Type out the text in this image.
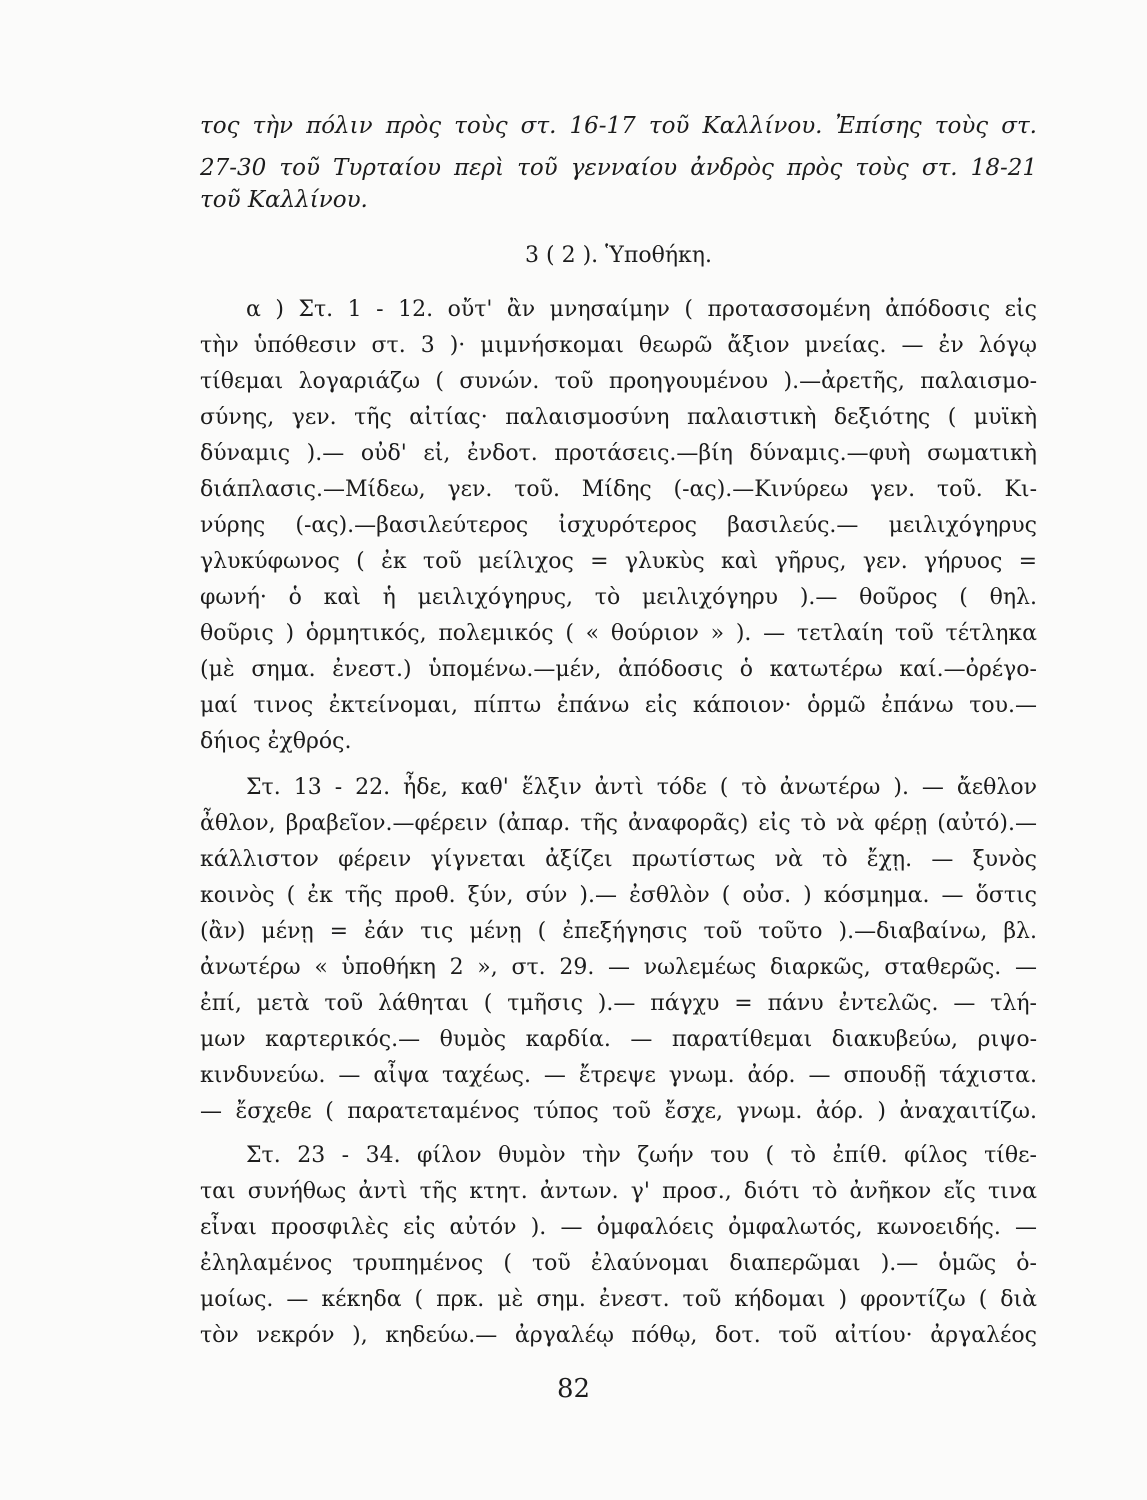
τος τὴν πόλιν πρὸς τοὺς στ. 16-17 τοῦ Καλλίνου. Ἐπίσης τοὺς στ.
27-30 τοῦ Τυρταίου περὶ τοῦ γενναίου ἀνδρὸς πρὸς τοὺς στ. 18-21
τοῦ Καλλίνου.
3 ( 2 ). Ὑποθήκη.
α ) Στ. 1 - 12. οὔτ' ἂν μνησαίμην ( προτασσομένη ἀπόδοσις εἰς
τὴν ὑπόθεσιν στ. 3 )· μιμνήσκομαι θεωρῶ ἄξιον μνείας. — ἐν λόγῳ
τίθεμαι λογαριάζω ( συνών. τοῦ προηγουμένου ).—ἀρετῆς, παλαισμο-
σύνης, γεν. τῆς αἰτίας· παλαισμοσύνη παλαιστικὴ δεξιότης ( μυϊκὴ
δύναμις ).— οὐδ' εἰ, ἐνδοτ. προτάσεις.—βίη δύναμις.—φυὴ σωματικὴ
διάπλασις.—Μίδεω, γεν. τοῦ. Μίδης (-ας).—Κινύρεω γεν. τοῦ. Κι-
νύρης (-ας).—βασιλεύτερος ἰσχυρότερος βασιλεύς.— μειλιχόγηρυς
γλυκύφωνος ( ἐκ τοῦ μείλιχος = γλυκὺς καὶ γῆρυς, γεν. γήρυος =
φωνή· ὁ καὶ ἡ μειλιχόγηρυς, τὸ μειλιχόγηρυ ).— θοῦρος ( θηλ.
θοῦρις ) ὁρμητικός, πολεμικός ( « θούριον » ). — τετλαίη τοῦ τέτληκα
(μὲ σημα. ἐνεστ.) ὑπομένω.—μέν, ἀπόδοσις ὁ κατωτέρω καί.—ὀρέγο-
μαί τινος ἐκτείνομαι, πίπτω ἐπάνω εἰς κάποιον· ὁρμῶ ἐπάνω του.—
δήιος ἐχθρός.
Στ. 13 - 22. ἦδε, καθ' ἕλξιν ἀντὶ τόδε ( τὸ ἀνωτέρω ). — ἄεθλον
ἆθλον, βραβεῖον.—φέρειν (ἀπαρ. τῆς ἀναφορᾶς) εἰς τὸ νὰ φέρῃ (αὐτό).—
κάλλιστον φέρειν γίγνεται ἀξίζει πρωτίστως νὰ τὸ ἔχῃ. — ξυνὸς
κοινὸς ( ἐκ τῆς προθ. ξύν, σύν ).— ἐσθλὸν ( οὐσ. ) κόσμημα. — ὅστις
(ἂν) μένῃ = ἐάν τις μένῃ ( ἐπεξήγησις τοῦ τοῦτο ).—διαβαίνω, βλ.
ἀνωτέρω « ὑποθήκη 2 », στ. 29. — νωλεμέως διαρκῶς, σταθερῶς. —
ἐπί, μετὰ τοῦ λάθηται ( τμῆσις ).— πάγχυ = πάνυ ἐντελῶς. — τλή-
μων καρτερικός.— θυμὸς καρδία. — παρατίθεμαι διακυβεύω, ριψο-
κινδυνεύω. — αἶψα ταχέως. — ἔτρεψε γνωμ. ἀόρ. — σπουδῇ τάχιστα.
— ἔσχεθε ( παρατεταμένος τύπος τοῦ ἔσχε, γνωμ. ἀόρ. ) ἀναχαιτίζω.
Στ. 23 - 34. φίλον θυμὸν τὴν ζωήν του ( τὸ ἐπίθ. φίλος τίθε-
ται συνήθως ἀντὶ τῆς κτητ. ἀντων. γ' προσ., διότι τὸ ἀνῆκον εἴς τινα
εἶναι προσφιλὲς εἰς αὐτόν ). — ὀμφαλόεις ὀμφαλωτός, κωνοειδής. —
ἐληλαμένος τρυπημένος ( τοῦ ἐλαύνομαι διαπερῶμαι ).— ὁμῶς ὁ-
μοίως. — κέκηδα ( πρκ. μὲ σημ. ἐνεστ. τοῦ κήδομαι ) φροντίζω ( διὰ
τὸν νεκρόν ), κηδεύω.— ἀργαλέῳ πόθῳ, δοτ. τοῦ αἰτίου· ἀργαλέος
82
